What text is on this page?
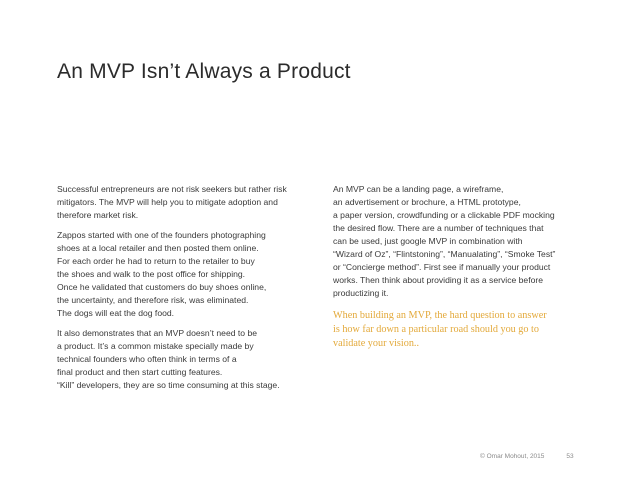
An MVP Isn’t Always a Product

Successful entrepreneurs are not risk seekers but rather risk
mitigators. The MVP will help you to mitigate adoption and
therefore market risk.

Zappos started with one of the founders photographing
shoes at a local retailer and then posted them online.
For each order he had to return to the retailer to buy
the shoes and walk to the post office for shipping.
Once he validated that customers do buy shoes online,
the uncertainty, and therefore risk, was eliminated.
The dogs will eat the dog food.

It also demonstrates that an MVP doesn’t need to be
a product. It’s a common mistake specially made by
technical founders who often think in terms of a
final product and then start cutting features.
“Kill” developers, they are so time consuming at this stage.

An MVP can be a landing page, a wireframe,
an advertisement or brochure, a HTML prototype,
a paper version, crowdfunding or a clickable PDF mocking
the desired flow. There are a number of techniques that
can be used, just google MVP in combination with
“Wizard of Oz”, “Flintstoning”, “Manualating”, “Smoke Test”
or “Concierge method”. First see if manually your product
works. Then think about providing it as a service before
productizing it.

When building an MVP, the hard question to answer
is how far down a particular road should you go to
validate your vision..
© Omar Mohout, 2015	53
